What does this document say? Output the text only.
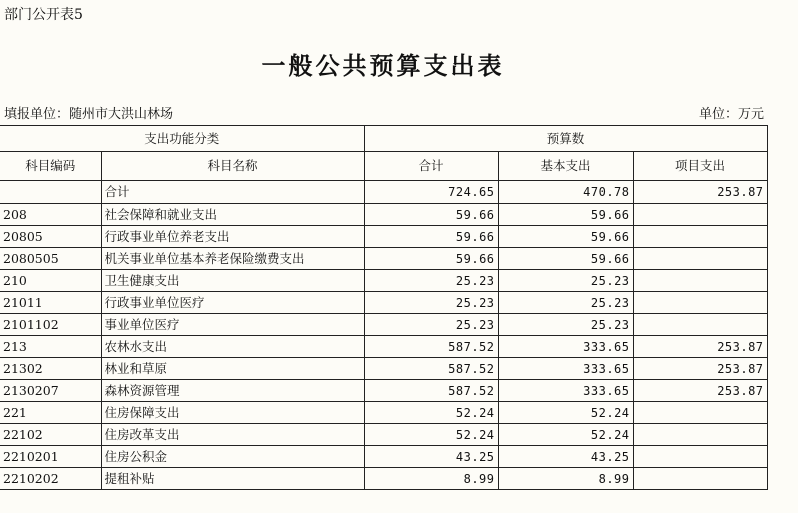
部门公开表5
一般公共预算支出表
填报单位：随州市大洪山林场	单位：万元
支出功能分类		预算数		
科目编码	科目名称	合计	基本支出	项目支出
	合计	724.65	470.78	253.87
208	社会保障和就业支出	59.66	59.66	
20805	行政事业单位养老支出	59.66	59.66	
2080505	机关事业单位基本养老保险缴费支出	59.66	59.66	
210	卫生健康支出	25.23	25.23	
21011	行政事业单位医疗	25.23	25.23	
2101102	事业单位医疗	25.23	25.23	
213	农林水支出	587.52	333.65	253.87
21302	林业和草原	587.52	333.65	253.87
2130207	森林资源管理	587.52	333.65	253.87
221	住房保障支出	52.24	52.24	
22102	住房改革支出	52.24	52.24	
2210201	住房公积金	43.25	43.25	
2210202	提租补贴	8.99	8.99	
